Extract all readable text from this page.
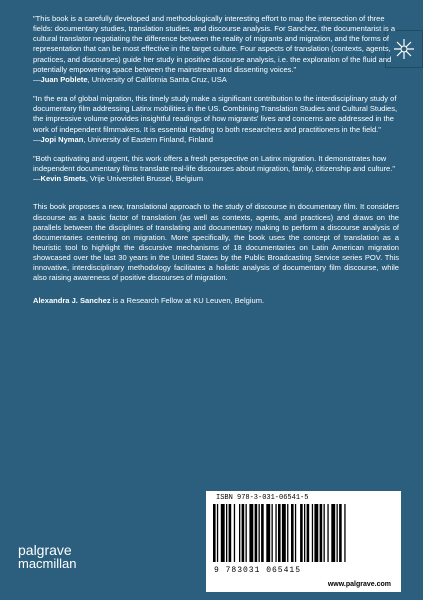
"This book is a carefully developed and methodologically interesting effort to map the intersection of three fields: documentary studies, translation studies, and discourse analysis. For Sanchez, the documentarist is a cultural translator negotiating the difference between the reality of migrants and migration, and the forms of representation that can be most effective in the target culture. Four aspects of translation (contexts, agents, practices, and discourses) guide her study in positive discourse analysis, i.e. the exploration of the fluid and potentially empowering space between the mainstream and dissenting voices."
—Juan Poblete, University of California Santa Cruz, USA
"In the era of global migration, this timely study make a significant contribution to the interdisciplinary study of documentary film addressing Latinx mobilities in the US. Combining Translation Studies and Cultural Studies, the impressive volume provides insightful readings of how migrants' lives and concerns are addressed in the work of independent filmmakers. It is essential reading to both researchers and practitioners in the field."
—Jopi Nyman, University of Eastern Finland, Finland
"Both captivating and urgent, this work offers a fresh perspective on Latinx migration. It demonstrates how independent documentary films translate real-life discourses about migration, family, citizenship and culture."
—Kevin Smets, Vrije Universiteit Brussel, Belgium

This book proposes a new, translational approach to the study of discourse in documentary film. It considers discourse as a basic factor of translation (as well as contexts, agents, and practices) and draws on the parallels between the disciplines of translating and documentary making to perform a discourse analysis of documentaries centering on migration. More specifically, the book uses the concept of translation as a heuristic tool to highlight the discursive mechanisms of 18 documentaries on Latin American migration showcased over the last 30 years in the United States by the Public Broadcasting Service series POV. This innovative, interdisciplinary methodology facilitates a holistic analysis of documentary film discourse, while also raising awareness of positive discourses of migration.

Alexandra J. Sanchez is a Research Fellow at KU Leuven, Belgium.

palgrave
macmillan
ISBN 978-3-031-06541-5
9 783031 065415
www.palgrave.com
